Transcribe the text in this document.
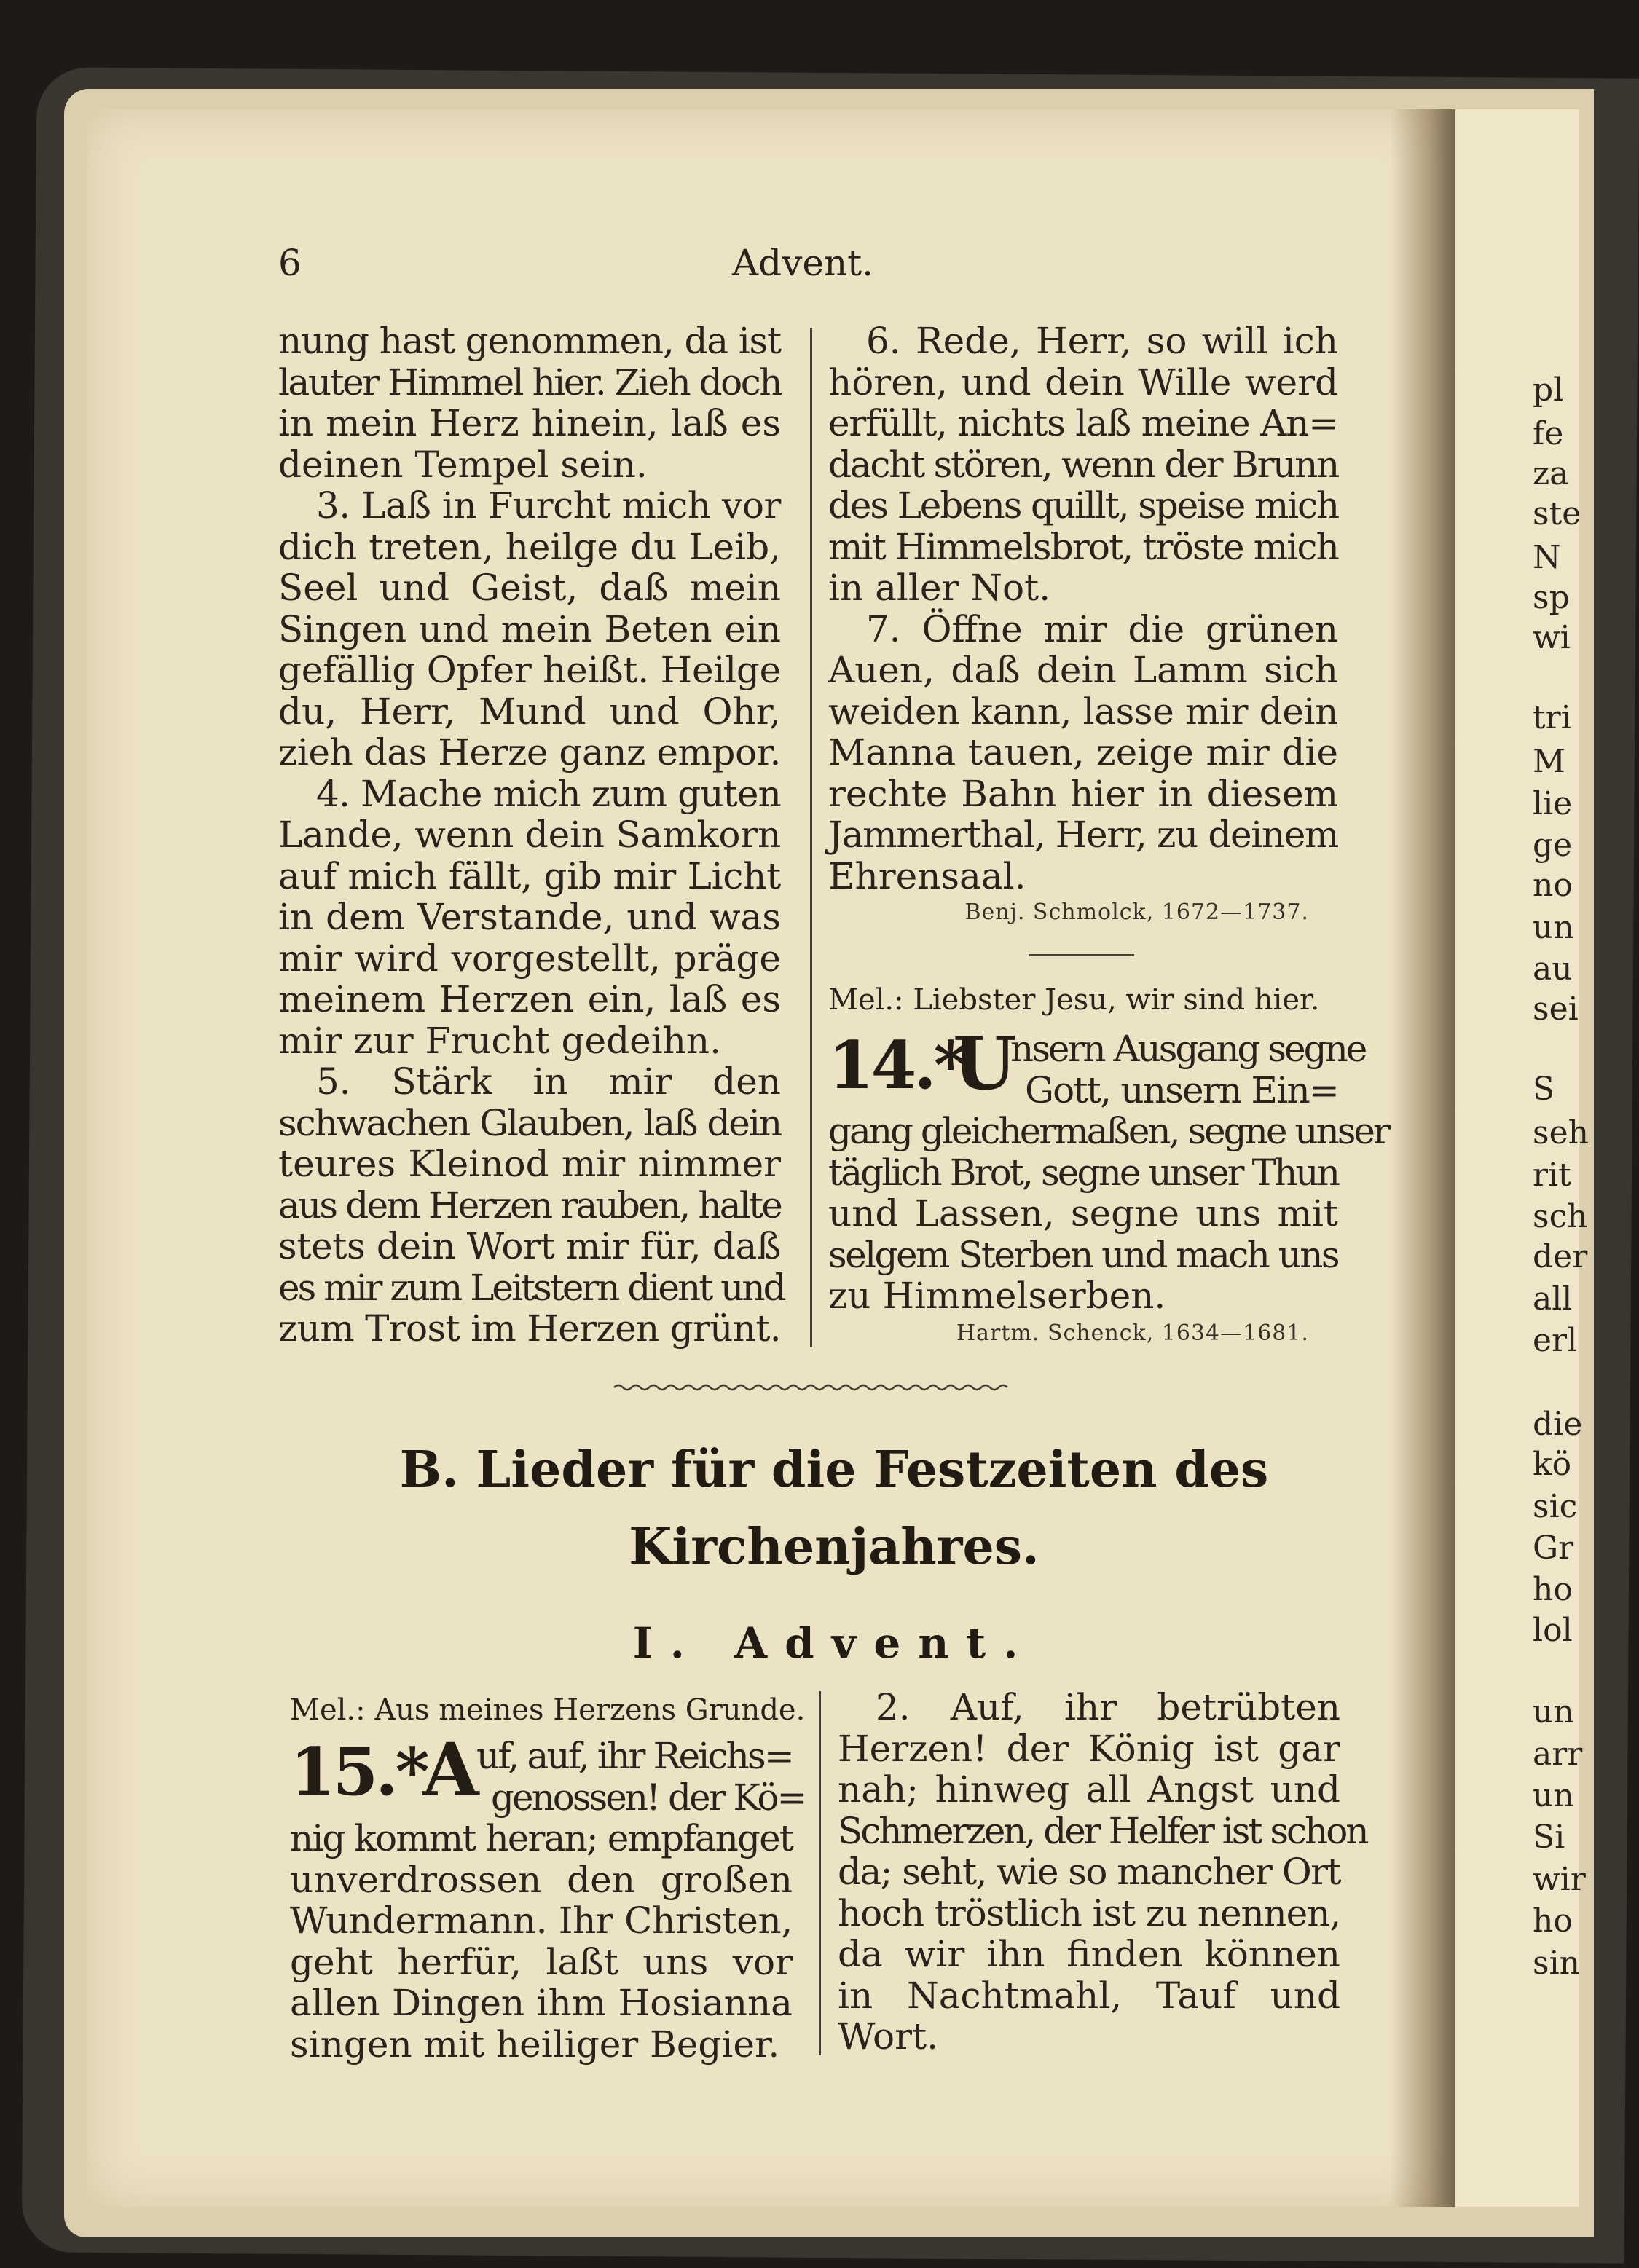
pl
fe
za
ste
N
sp
wi
tri
M
lie
ge
no
un
au
sei
S
seh
rit
sch
der
all
erl
die
kö
sic
Gr
ho
lol
un
arr
un
Si
wir
ho
sin
6	Advent.
nung hast genommen, da ist
lauter Himmel hier. Zieh doch
in mein Herz hinein, laß es
deinen Tempel sein.
3. Laß in Furcht mich vor
dich treten, heilge du Leib,
Seel und Geist, daß mein
Singen und mein Beten ein
gefällig Opfer heißt. Heilge
du, Herr, Mund und Ohr,
zieh das Herze ganz empor.
4. Mache mich zum guten
Lande, wenn dein Samkorn
auf mich fällt, gib mir Licht
in dem Verstande, und was
mir wird vorgestellt, präge
meinem Herzen ein, laß es
mir zur Frucht gedeihn.
5. Stärk in mir den
schwachen Glauben, laß dein
teures Kleinod mir nimmer
aus dem Herzen rauben, halte
stets dein Wort mir für, daß
es mir zum Leitstern dient und
zum Trost im Herzen grünt.
6. Rede, Herr, so will ich
hören, und dein Wille werd
erfüllt, nichts laß meine An=
dacht stören, wenn der Brunn
des Lebens quillt, speise mich
mit Himmelsbrot, tröste mich
in aller Not.
7. Öffne mir die grünen
Auen, daß dein Lamm sich
weiden kann, lasse mir dein
Manna tauen, zeige mir die
rechte Bahn hier in diesem
Jammerthal, Herr, zu deinem
Ehrensaal.
Benj. Schmolck, 1672—1737.
Mel.: Liebster Jesu, wir sind hier.
14.*
U
nsern Ausgang segne
Gott, unsern Ein=
gang gleichermaßen, segne unser
täglich Brot, segne unser Thun
und Lassen, segne uns mit
selgem Sterben und mach uns
zu Himmelserben.
Hartm. Schenck, 1634—1681.
B. Lieder für die Festzeiten des
Kirchenjahres.
I. Advent.
Mel.: Aus meines Herzens Grunde.
15.*
A
uf, auf, ihr Reichs=
genossen! der Kö=
nig kommt heran; empfanget
unverdrossen den großen
Wundermann. Ihr Christen,
geht herfür, laßt uns vor
allen Dingen ihm Hosianna
singen mit heiliger Begier.
2. Auf, ihr betrübten
Herzen! der König ist gar
nah; hinweg all Angst und
Schmerzen, der Helfer ist schon
da; seht, wie so mancher Ort
hoch tröstlich ist zu nennen,
da wir ihn finden können
in Nachtmahl, Tauf und
Wort.
